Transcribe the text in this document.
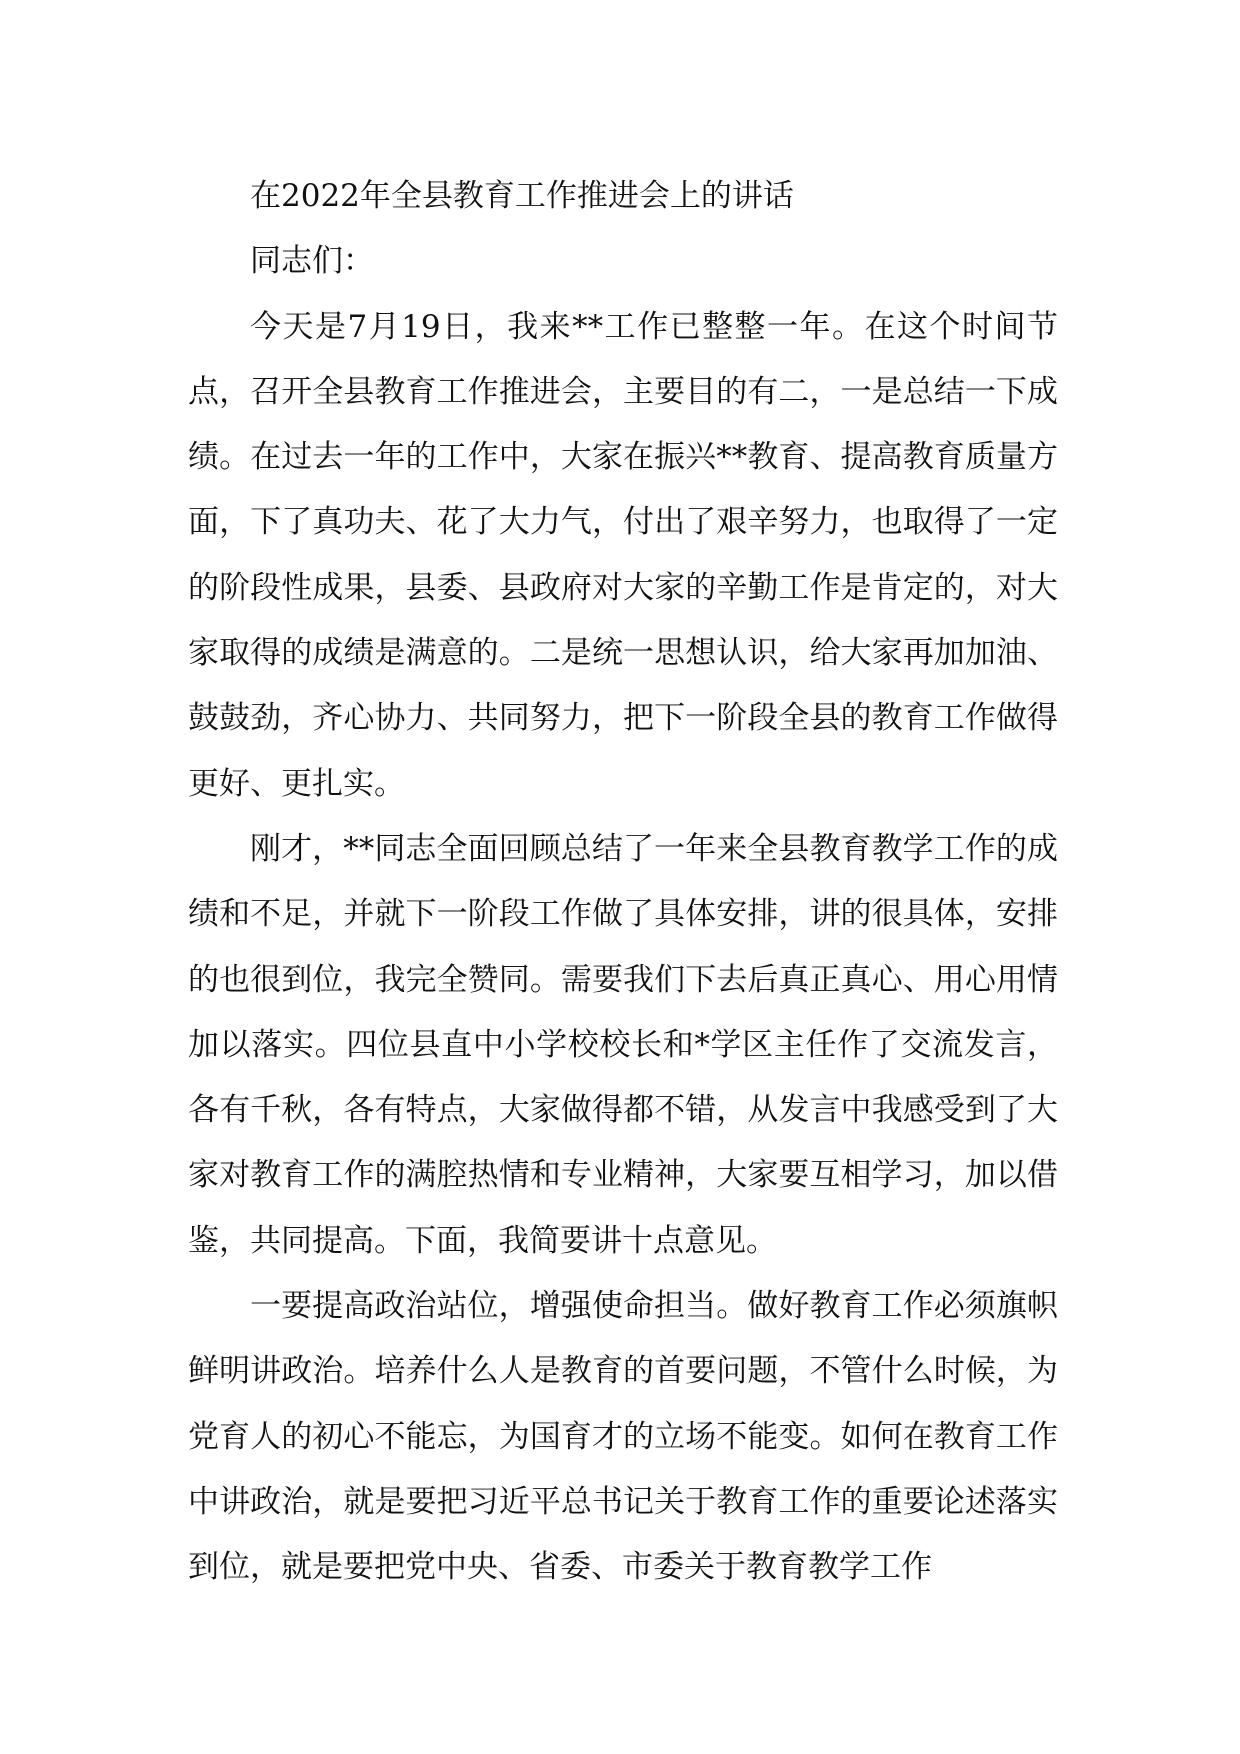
在2022年全县教育工作推进会上的讲话

同志们：

今天是7月19日，我来**工作已整整一年。在这个时间节点，召开全县教育工作推进会，主要目的有二，一是总结一下成绩。在过去一年的工作中，大家在振兴**教育、提高教育质量方面，下了真功夫、花了大力气，付出了艰辛努力，也取得了一定的阶段性成果，县委、县政府对大家的辛勤工作是肯定的，对大家取得的成绩是满意的。二是统一思想认识，给大家再加加油、鼓鼓劲，齐心协力、共同努力，把下一阶段全县的教育工作做得更好、更扎实。

刚才，**同志全面回顾总结了一年来全县教育教学工作的成绩和不足，并就下一阶段工作做了具体安排，讲的很具体，安排的也很到位，我完全赞同。需要我们下去后真正真心、用心用情加以落实。四位县直中小学校校长和*学区主任作了交流发言，各有千秋，各有特点，大家做得都不错，从发言中我感受到了大家对教育工作的满腔热情和专业精神，大家要互相学习，加以借鉴，共同提高。下面，我简要讲十点意见。

一要提高政治站位，增强使命担当。做好教育工作必须旗帜鲜明讲政治。培养什么人是教育的首要问题，不管什么时候，为党育人的初心不能忘，为国育才的立场不能变。如何在教育工作中讲政治，就是要把习近平总书记关于教育工作的重要论述落实到位，就是要把党中央、省委、市委关于教育教学工作
